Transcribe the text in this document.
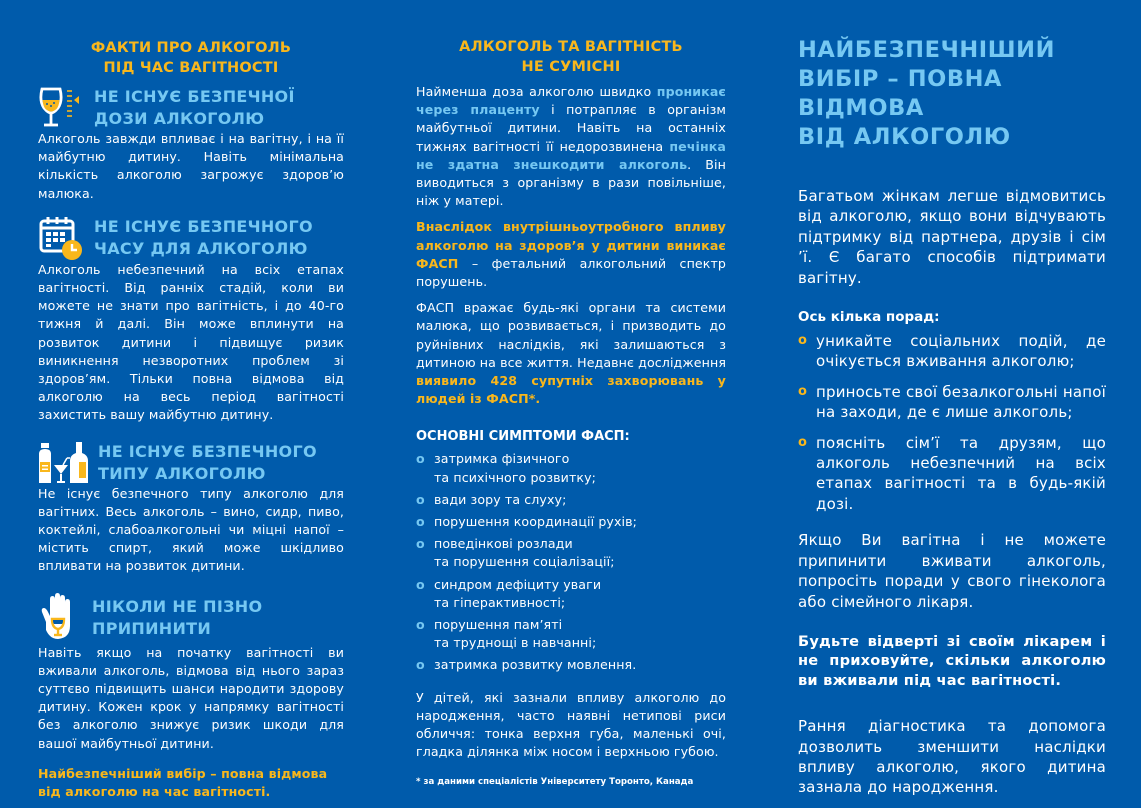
ФАКТИ ПРО АЛКОГОЛЬ
ПІД ЧАС ВАГІТНОСТІ
НЕ ІСНУЄ БЕЗПЕЧНОЇ
ДОЗИ АЛКОГОЛЮ
Алкоголь завжди впливає і на вагітну, і на її майбутню дитину. Навіть мінімальна кількість алкоголю загрожує здоров’ю малюка.
НЕ ІСНУЄ БЕЗПЕЧНОГО
ЧАСУ ДЛЯ АЛКОГОЛЮ
Алкоголь небезпечний на всіх етапах вагітності. Від ранніх стадій, коли ви можете не знати про вагітність, і до 40-го тижня й далі. Він може вплинути на розвиток дитини і підвищує ризик виникнення незворотних проблем зі здоров’ям. Тільки повна відмова від алкоголю на весь період вагітності захистить вашу майбутню дитину.
НЕ ІСНУЄ БЕЗПЕЧНОГО
ТИПУ АЛКОГОЛЮ
Не існує безпечного типу алкоголю для вагітних. Весь алкоголь – вино, сидр, пиво, коктейлі, слабоалкогольні чи міцні напої – містить спирт, який може шкідливо впливати на розвиток дитини.
НІКОЛИ НЕ ПІЗНО
ПРИПИНИТИ
Навіть якщо на початку вагітності ви вживали алкоголь, відмова від нього зараз суттєво підвищить шанси народити здорову дитину. Кожен крок у напрямку вагітності без алкоголю знижує ризик шкоди для вашої майбутньої дитини.
Найбезпечніший вибір – повна відмова від алкоголю на час вагітності.
АЛКОГОЛЬ ТА ВАГІТНІСТЬ
НЕ СУМІСНІ
Найменша доза алкоголю швидко проникає через плаценту і потрапляє в організм майбутньої дитини. Навіть на останніх тижнях вагітності її недорозвинена печінка не здатна знешкодити алкоголь. Він виводиться з організму в рази повільніше, ніж у матері.
Внаслідок внутрішньоутробного впливу алкоголю на здоров’я у дитини виникає ФАСП – фетальний алкогольний спектр порушень.
ФАСП вражає будь-які органи та системи малюка, що розвивається, і призводить до руйнівних наслідків, які залишаються з дитиною на все життя. Недавнє дослідження виявило 428 супутніх захворювань у людей із ФАСП*.
ОСНОВНІ СИМПТОМИ ФАСП:
o затримка фізичного
та психічного розвитку;
o вади зору та слуху;
o порушення координації рухів;
o поведінкові розлади
та порушення соціалізації;
o синдром дефіциту уваги
та гіперактивності;
o порушення пам’яті
та труднощі в навчанні;
o затримка розвитку мовлення.
У дітей, які зазнали впливу алкоголю до народження, часто наявні нетипові риси обличчя: тонка верхня губа, маленькі очі, гладка ділянка між носом і верхньою губою.
* за даними спеціалістів Університету Торонто, Канада
НАЙБЕЗПЕЧНІШИЙ
ВИБІР – ПОВНА ВІДМОВА
ВІД АЛКОГОЛЮ
Багатьом жінкам легше відмовитись від алкоголю, якщо вони відчувають підтримку від партнера, друзів і сім ’ї. Є багато способів підтримати вагітну.
Ось кілька порад:
o уникайте соціальних подій, де очікується вживання алкоголю;
o приносьте свої безалкогольні напої на заходи, де є лише алкоголь;
o поясніть сім’ї та друзям, що алкоголь небезпечний на всіх етапах вагітності та в будь-якій дозі.
Якщо Ви вагітна і не можете припинити вживати алкоголь, попросіть поради у свого гінеколога або сімейного лікаря.
Будьте відверті зі своїм лікарем і не приховуйте, скільки алкоголю ви вживали під час вагітності.
Рання діагностика та допомога дозволить зменшити наслідки впливу алкоголю, якого дитина зазнала до народження.
